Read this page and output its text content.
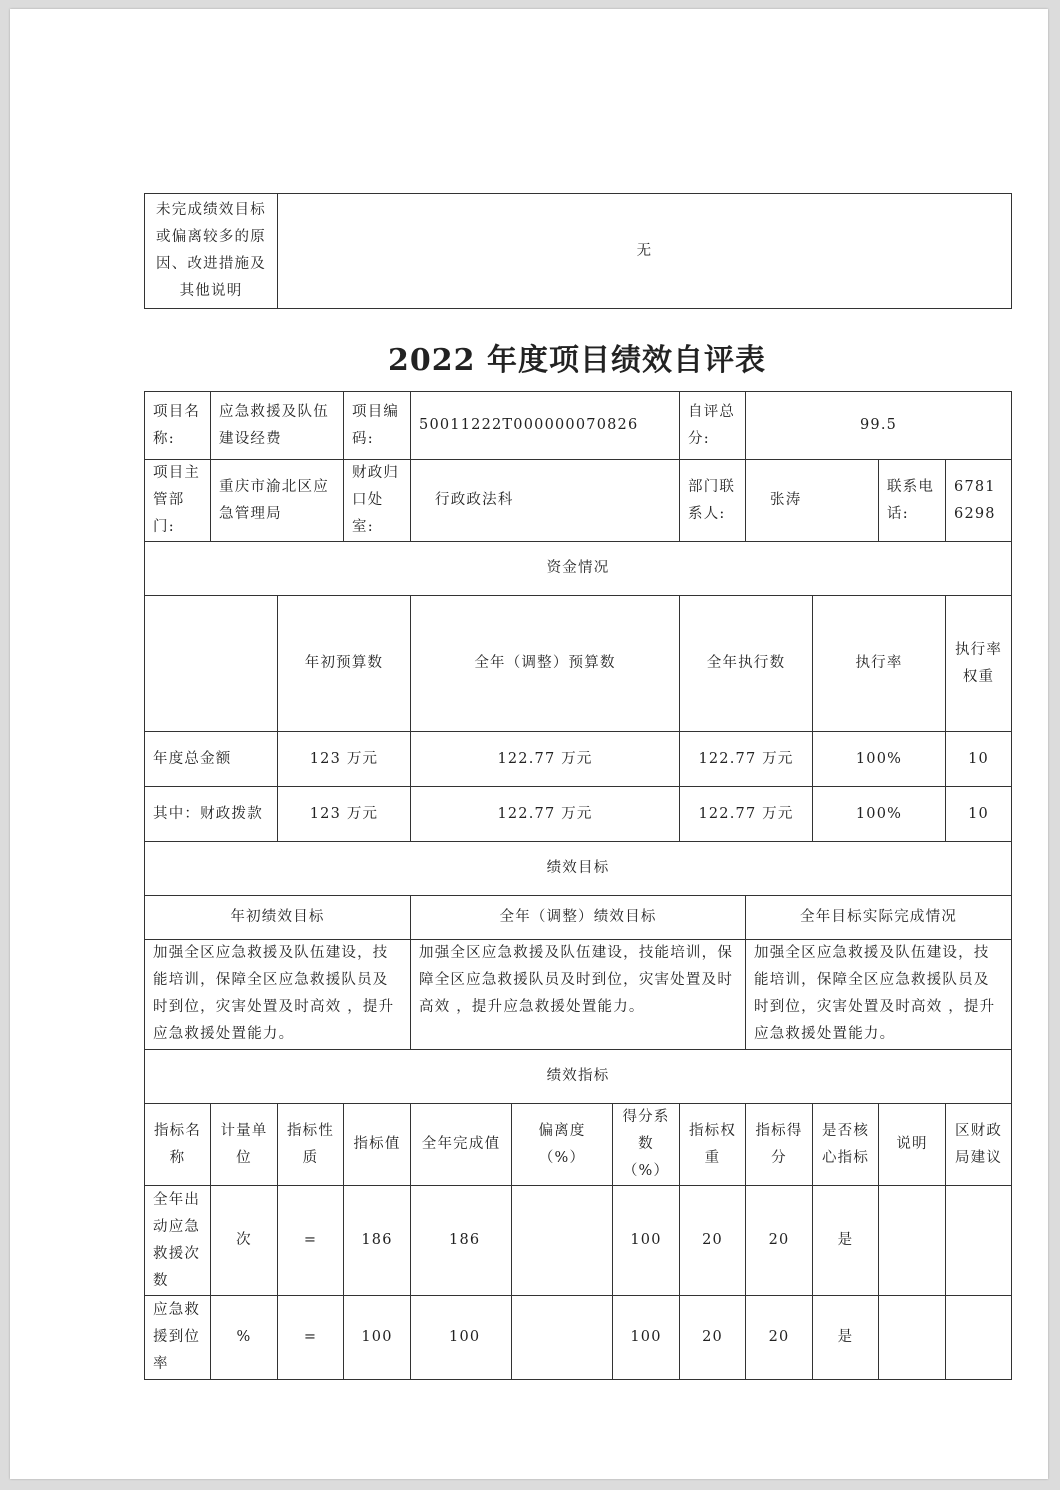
未完成绩效目标或偏离较多的原因、改进措施及其他说明	无
2022 年度项目绩效自评表
项目名称:	应急救援及队伍建设经费		项目编码:	50011222T000000070826			自评总分:	99.5				
项目主管部门:	重庆市渝北区应急管理局		财政归口处室:	行政政法科			部门联系人:	张涛		联系电话:	67816298	
资金情况												
		年初预算数		全年（调整）预算数			全年执行数		执行率		执行率权重	
年度总金额		123 万元		122.77 万元			122.77 万元		100%		10	
其中：财政拨款		123 万元		122.77 万元			122.77 万元		100%		10	
绩效目标												
年初绩效目标				全年（调整）绩效目标				全年目标实际完成情况				
加强全区应急救援及队伍建设，技能培训，保障全区应急救援队员及时到位，灾害处置及时高效 ，提升应急救援处置能力。				加强全区应急救援及队伍建设，技能培训，保障全区应急救援队员及时到位，灾害处置及时高效 ，提升应急救援处置能力。				加强全区应急救援及队伍建设，技能培训，保障全区应急救援队员及时到位，灾害处置及时高效 ，提升应急救援处置能力。				
绩效指标												
指标名称	计量单位	指标性质	指标值	全年完成值	偏离度（%）	得分系数（%）	指标权重	指标得分	是否核心指标	说明	区财政局建议	
全年出动应急救援次数	次	=	186	186		100	20	20	是			
应急救援到位率	%	=	100	100		100	20	20	是			
